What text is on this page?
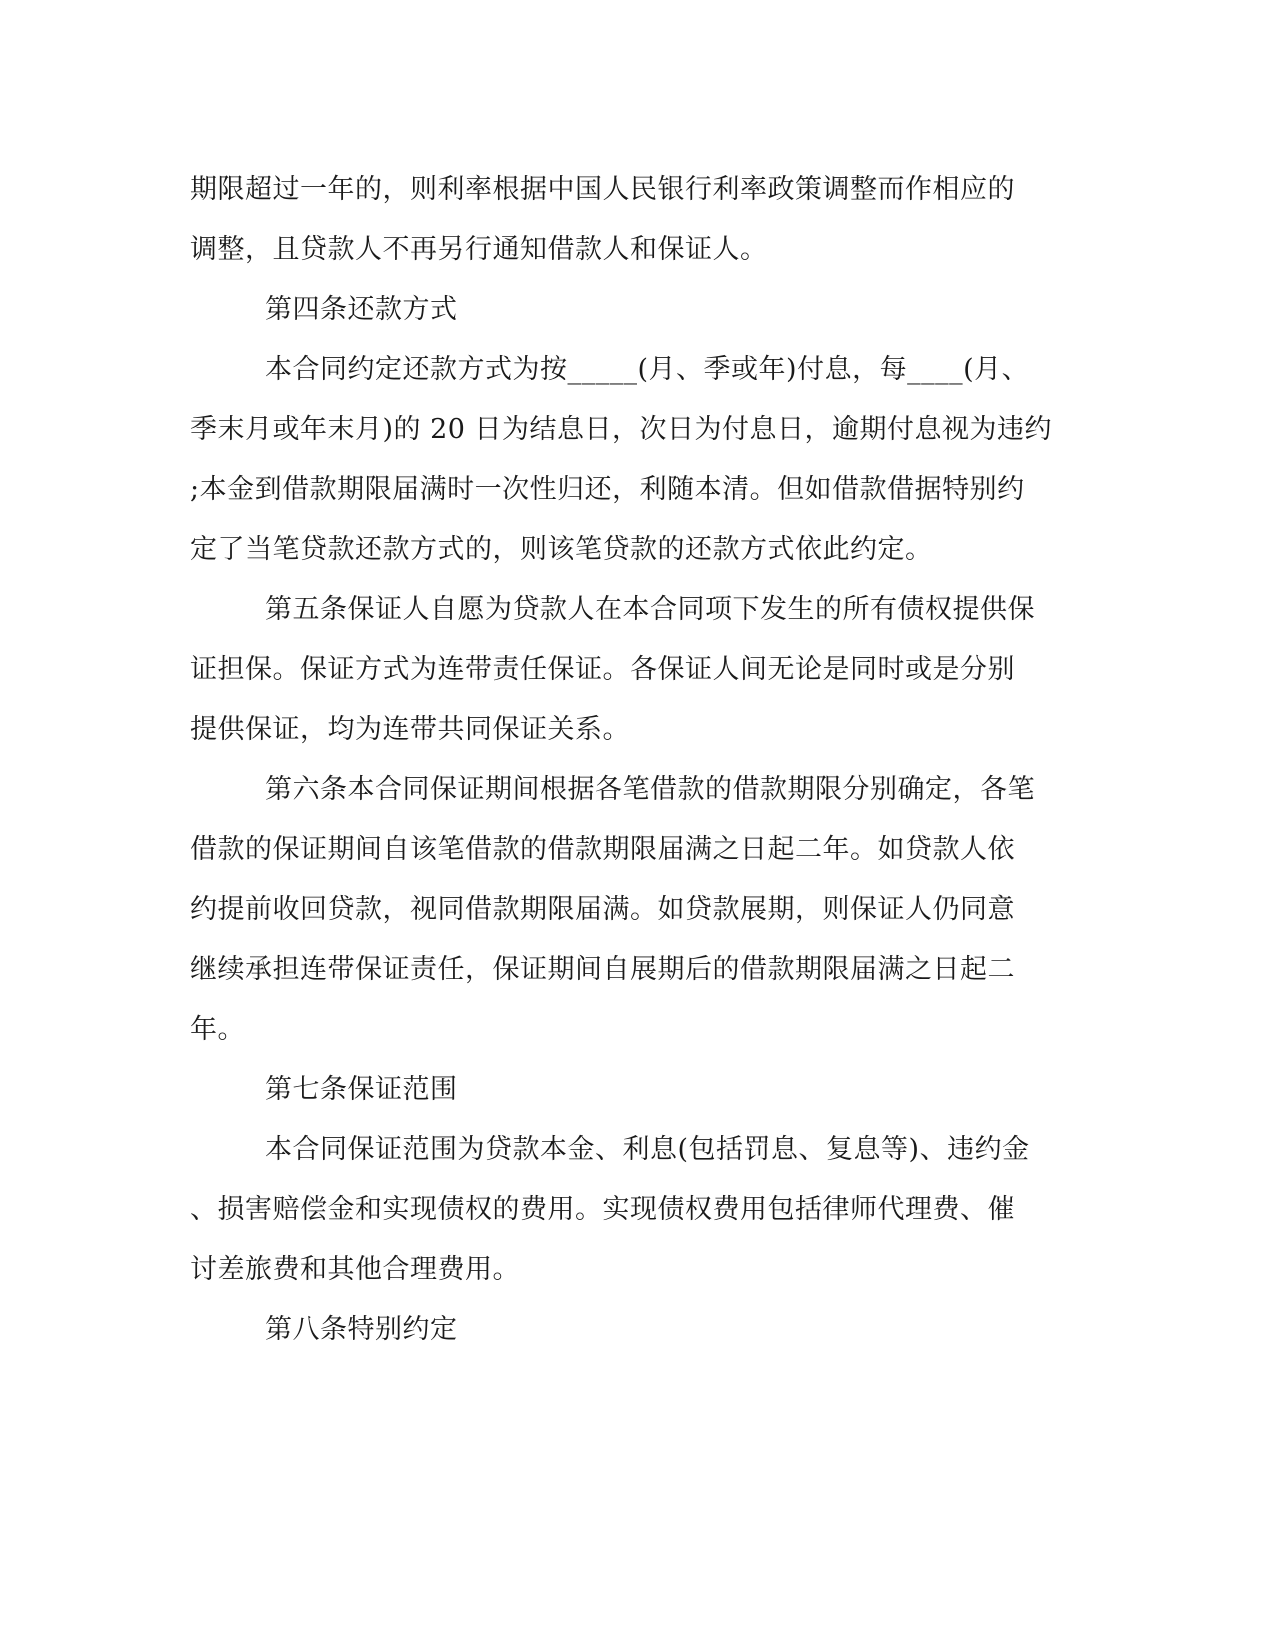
期限超过一年的，则利率根据中国人民银行利率政策调整而作相应的
调整，且贷款人不再另行通知借款人和保证人。
第四条还款方式
本合同约定还款方式为按_____(月、季或年)付息，每____(月、
季末月或年末月)的 20 日为结息日，次日为付息日，逾期付息视为违约
;本金到借款期限届满时一次性归还，利随本清。但如借款借据特别约
定了当笔贷款还款方式的，则该笔贷款的还款方式依此约定。
第五条保证人自愿为贷款人在本合同项下发生的所有债权提供保
证担保。保证方式为连带责任保证。各保证人间无论是同时或是分别
提供保证，均为连带共同保证关系。
第六条本合同保证期间根据各笔借款的借款期限分别确定，各笔
借款的保证期间自该笔借款的借款期限届满之日起二年。如贷款人依
约提前收回贷款，视同借款期限届满。如贷款展期，则保证人仍同意
继续承担连带保证责任，保证期间自展期后的借款期限届满之日起二
年。
第七条保证范围
本合同保证范围为贷款本金、利息(包括罚息、复息等)、违约金
、损害赔偿金和实现债权的费用。实现债权费用包括律师代理费、催
讨差旅费和其他合理费用。
第八条特别约定
